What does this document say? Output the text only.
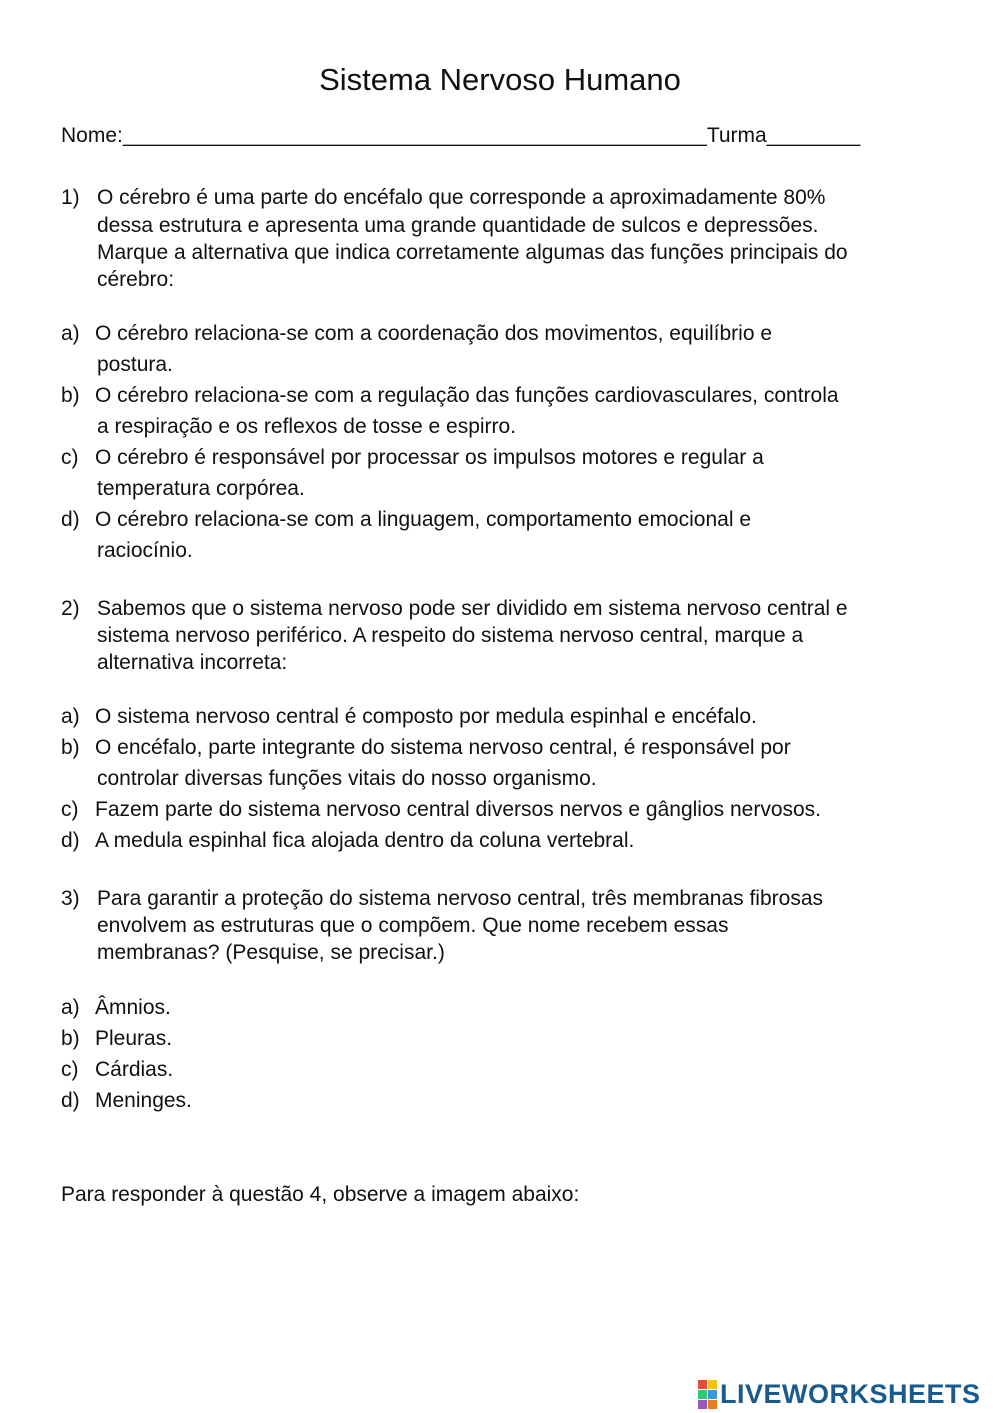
Sistema Nervoso Humano
Nome:__________________________________________________Turma________
1) O cérebro é uma parte do encéfalo que corresponde a aproximadamente 80%
dessa estrutura e apresenta uma grande quantidade de sulcos e depressões.
Marque a alternativa que indica corretamente algumas das funções principais do
cérebro:
a) O cérebro relaciona-se com a coordenação dos movimentos, equilíbrio e
postura.
b) O cérebro relaciona-se com a regulação das funções cardiovasculares, controla
a respiração e os reflexos de tosse e espirro.
c) O cérebro é responsável por processar os impulsos motores e regular a
temperatura corpórea.
d) O cérebro relaciona-se com a linguagem, comportamento emocional e
raciocínio.
2) Sabemos que o sistema nervoso pode ser dividido em sistema nervoso central e
sistema nervoso periférico. A respeito do sistema nervoso central, marque a
alternativa incorreta:
a) O sistema nervoso central é composto por medula espinhal e encéfalo.
b) O encéfalo, parte integrante do sistema nervoso central, é responsável por
controlar diversas funções vitais do nosso organismo.
c) Fazem parte do sistema nervoso central diversos nervos e gânglios nervosos.
d) A medula espinhal fica alojada dentro da coluna vertebral.
3) Para garantir a proteção do sistema nervoso central, três membranas fibrosas
envolvem as estruturas que o compõem. Que nome recebem essas
membranas? (Pesquise, se precisar.)
a) Âmnios.
b) Pleuras.
c) Cárdias.
d) Meninges.
Para responder à questão 4, observe a imagem abaixo:
LIVEWORKSHEETS
